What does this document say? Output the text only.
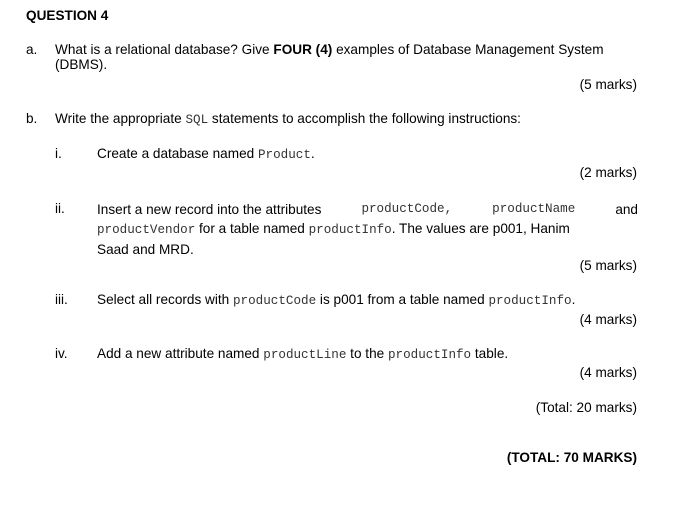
QUESTION 4
a. What is a relational database? Give FOUR (4) examples of Database Management System
(DBMS).
(5 marks)
b. Write the appropriate SQL statements to accomplish the following instructions:
i.	Create a database named Product.
(2 marks)
ii. Insert a new record into the attributes	productCode,	productName	and
productVendor for a table named productInfo. The values are p001, Hanim
Saad and MRD.
(5 marks)
iii. Select all records with productCode is p001 from a table named productInfo.
(4 marks)
iv. Add a new attribute named productLine to the productInfo table.
(4 marks)
(Total: 20 marks)
(TOTAL: 70 MARKS)
